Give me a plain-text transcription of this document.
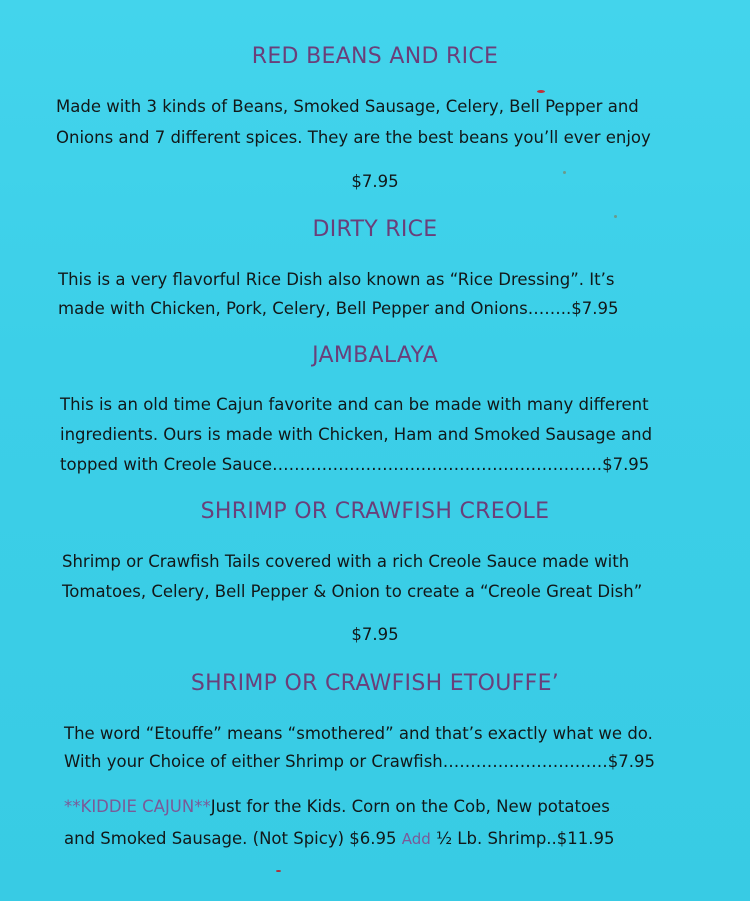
RED BEANS AND RICE
Made with 3 kinds of Beans, Smoked Sausage, Celery, Bell Pepper and
Onions and 7 different spices. They are the best beans you’ll ever enjoy
$7.95
DIRTY RICE
This is a very flavorful Rice Dish also known as “Rice Dressing”. It’s
made with Chicken, Pork, Celery, Bell Pepper and Onions……..$7.95
JAMBALAYA
This is an old time Cajun favorite and can be made with many different
ingredients. Ours is made with Chicken, Ham and Smoked Sausage and
topped with Creole Sauce……………………………………………………$7.95
SHRIMP OR CRAWFISH CREOLE
Shrimp or Crawfish Tails covered with a rich Creole Sauce made with
Tomatoes, Celery, Bell Pepper & Onion to create a “Creole Great Dish”
$7.95
SHRIMP OR CRAWFISH ETOUFFE’
The word “Etouffe” means “smothered” and that’s exactly what we do.
With your Choice of either Shrimp or Crawfish…………………………$7.95
**KIDDIE CAJUN**Just for the Kids. Corn on the Cob, New potatoes
and Smoked Sausage. (Not Spicy) $6.95 Add ½ Lb. Shrimp..$11.95
